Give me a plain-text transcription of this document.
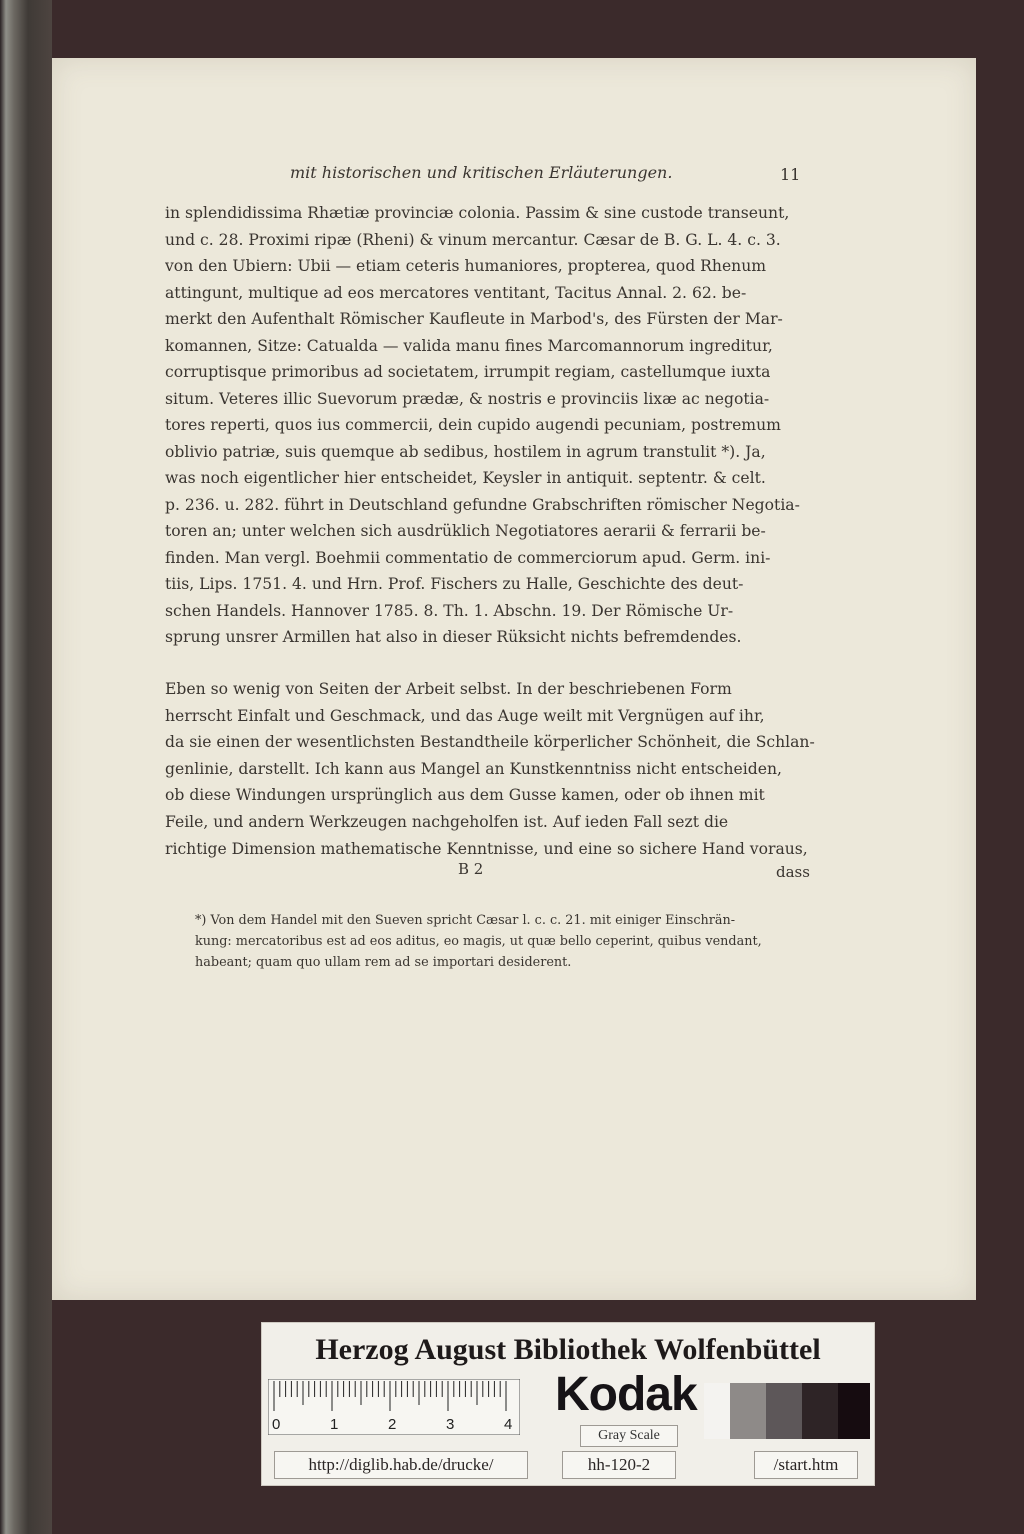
mit historischen und kritischen Erläuterungen.	11
in splendidissima Rhætiæ provinciæ colonia. Passim & sine custode transeunt,
und c. 28. Proximi ripæ (Rheni) & vinum mercantur. Cæsar de B. G. L. 4. c. 3.
von den Ubiern: Ubii — etiam ceteris humaniores, propterea, quod Rhenum
attingunt, multique ad eos mercatores ventitant, Tacitus Annal. 2. 62. be-
merkt den Aufenthalt Römischer Kaufleute in Marbod's, des Fürsten der Mar-
komannen, Sitze: Catualda — valida manu fines Marcomannorum ingreditur,
corruptisque primoribus ad societatem, irrumpit regiam, castellumque iuxta
situm. Veteres illic Suevorum prædæ, & nostris e provinciis lixæ ac negotia-
tores reperti, quos ius commercii, dein cupido augendi pecuniam, postremum
oblivio patriæ, suis quemque ab sedibus, hostilem in agrum transtulit *). Ja,
was noch eigentlicher hier entscheidet, Keysler in antiquit. septentr. & celt.
p. 236. u. 282. führt in Deutschland gefundne Grabschriften römischer Negotia-
toren an; unter welchen sich ausdrüklich Negotiatores aerarii & ferrarii be-
finden. Man vergl. Boehmii commentatio de commerciorum apud. Germ. ini-
tiis, Lips. 1751. 4. und Hrn. Prof. Fischers zu Halle, Geschichte des deut-
schen Handels. Hannover 1785. 8. Th. 1. Abschn. 19. Der Römische Ur-
sprung unsrer Armillen hat also in dieser Rüksicht nichts befremdendes.
Eben so wenig von Seiten der Arbeit selbst. In der beschriebenen Form
herrscht Einfalt und Geschmack, und das Auge weilt mit Vergnügen auf ihr,
da sie einen der wesentlichsten Bestandtheile körperlicher Schönheit, die Schlan-
genlinie, darstellt. Ich kann aus Mangel an Kunstkenntniss nicht entscheiden,
ob diese Windungen ursprünglich aus dem Gusse kamen, oder ob ihnen mit
Feile, und andern Werkzeugen nachgeholfen ist. Auf ieden Fall sezt die
richtige Dimension mathematische Kenntnisse, und eine so sichere Hand voraus,
B 2	dass
*) Von dem Handel mit den Sueven spricht Cæsar l. c. c. 21. mit einiger Einschrän-
kung: mercatoribus est ad eos aditus, eo magis, ut quæ bello ceperint, quibus vendant,
habeant; quam quo ullam rem ad se importari desiderent.
Herzog August Bibliothek Wolfenbüttel
0	1	2	3	4
Kodak
Gray Scale
http://diglib.hab.de/drucke/	hh-120-2	/start.htm
